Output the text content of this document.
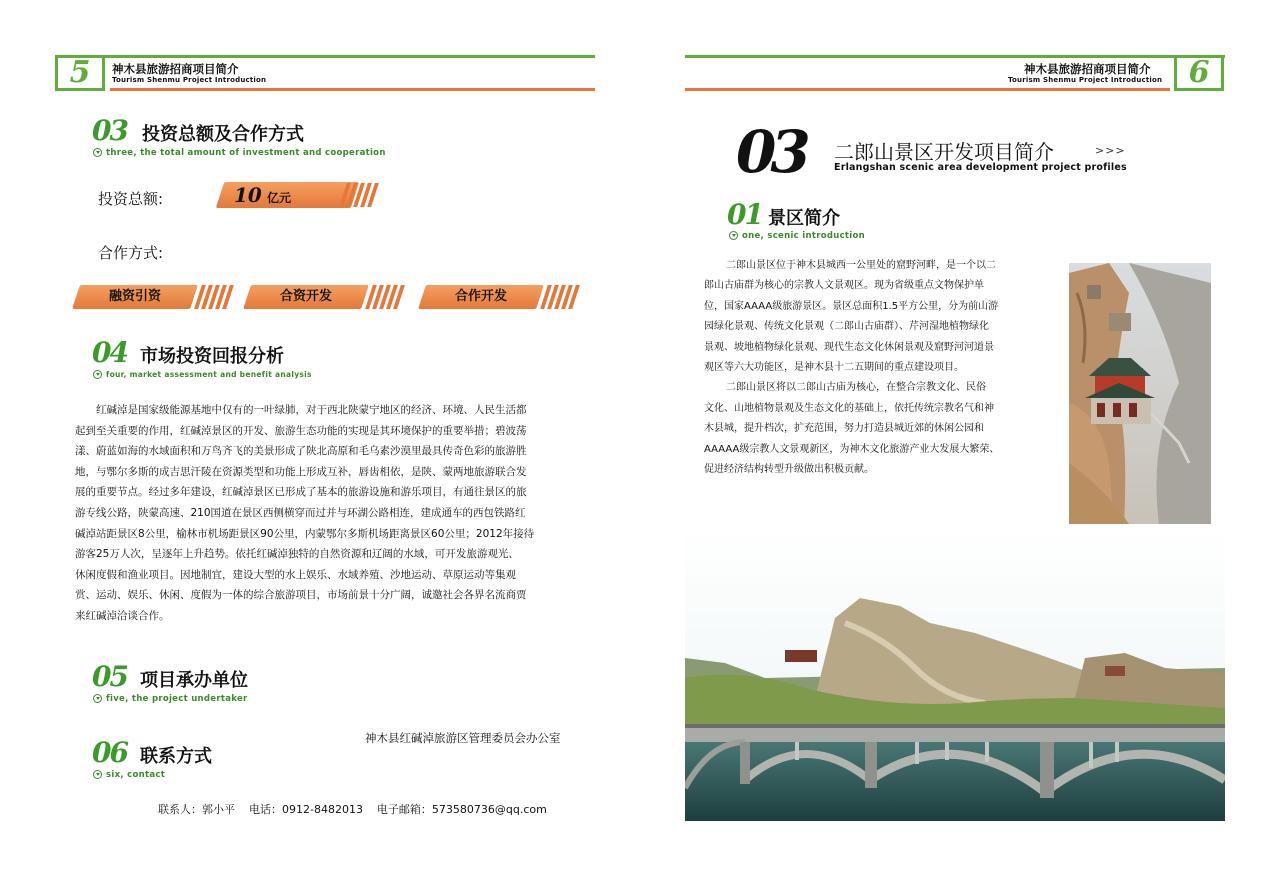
5	神木县旅游招商项目简介
Tourism Shenmu Project Introduction
03 投资总额及合作方式
three, the total amount of investment and cooperation
投资总额:	10 亿元
合作方式:
融资引资	合资开发	合作开发
04 市场投资回报分析
four, market assessment and benefit analysis
红碱淖是国家级能源基地中仅有的一叶绿肺，对于西北陕蒙宁地区的经济、环境、人民生活都
起到至关重要的作用，红碱淖景区的开发、旅游生态功能的实现是其环境保护的重要举措；碧波荡
漾、蔚蓝如海的水域面积和万鸟齐飞的美景形成了陕北高原和毛乌素沙漠里最具传奇色彩的旅游胜
地，与鄂尔多斯的成吉思汗陵在资源类型和功能上形成互补，唇齿相依，是陕、蒙两地旅游联合发
展的重要节点。经过多年建设，红碱淖景区已形成了基本的旅游设施和游乐项目，有通往景区的旅
游专线公路，陕蒙高速、210国道在景区西侧横穿而过并与环湖公路相连，建成通车的西包铁路红
碱淖站距景区8公里，榆林市机场距景区90公里，内蒙鄂尔多斯机场距离景区60公里；2012年接待
游客25万人次，呈逐年上升趋势。依托红碱淖独特的自然资源和辽阔的水域，可开发旅游观光、
休闲度假和渔业项目。因地制宜，建设大型的水上娱乐、水域养殖、沙地运动、草原运动等集观
赏、运动、娱乐、休闲、度假为一体的综合旅游项目，市场前景十分广阔，诚邀社会各界名流商贾
来红碱淖洽谈合作。
05 项目承办单位
five, the project undertaker
神木县红碱淖旅游区管理委员会办公室
06 联系方式
six, contact
联系人：郭小平    电话：0912-8482013    电子邮箱：573580736@qq.com
6
神木县旅游招商项目简介
Tourism Shenmu Project Introduction
03 二郎山景区开发项目简介	>>>
Erlangshan scenic area development project profiles
01 景区简介
one, scenic introduction
二郎山景区位于神木县城西一公里处的窟野河畔，是一个以二
郎山古庙群为核心的宗教人文景观区。现为省级重点文物保护单
位，国家AAAA级旅游景区。景区总面积1.5平方公里，分为前山游
园绿化景观、传统文化景观（二郎山古庙群）、芹河湿地植物绿化
景观、坡地植物绿化景观、现代生态文化休闲景观及窟野河河道景
观区等六大功能区，是神木县十二五期间的重点建设项目。
二郎山景区将以二郎山古庙为核心，在整合宗教文化、民俗
文化、山地植物景观及生态文化的基础上，依托传统宗教名气和神
木县城，提升档次，扩充范围，努力打造县城近郊的休闲公园和
AAAAA级宗教人文景观新区，为神木文化旅游产业大发展大繁荣、
促进经济结构转型升级做出积极贡献。
